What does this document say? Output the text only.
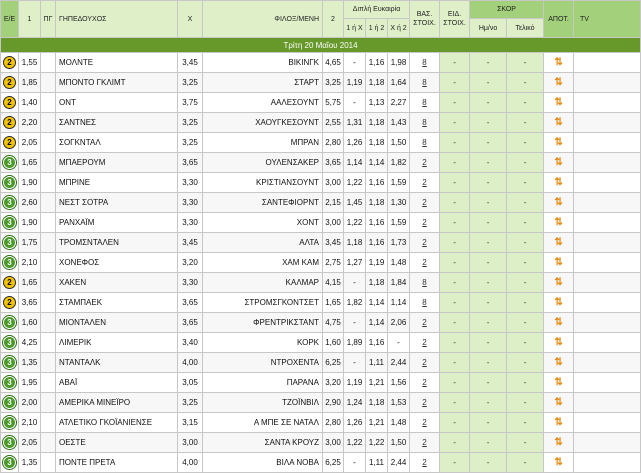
Ε/Ε	1	ΠΓ	ΓΗΠΕΔΟΥΧΟΣ	Χ	ΦΙΛΟΞ/ΜΕΝΗ	2	Διπλή Ευκαιρία			ΒΑΣ. ΣΤΟΙΧ.	ΕΙΔ. ΣΤΟΙΧ.	ΣΚΟΡ		ΑΠΟΤ.	TV
							1 ή Χ	1 ή 2	Χ ή 2			Ημ/νο	Τελικό		
Τρίτη 20 Μαΐου 2014															
2	1,55		ΜΟΛΝΤΕ	3,45	ΒΙΚΙΝΓΚ	4,65	-	1,16	1,98	8	-	-	-	⇅	
2	1,85		ΜΠΟΝΤΟ ΓΚΛΙΜΤ	3,25	ΣΤΑΡΤ	3,25	1,19	1,18	1,64	8	-	-	-	⇅	
2	1,40		ΟΝΤ	3,75	ΑΑΛΕΣΟΥΝΤ	5,75	-	1,13	2,27	8	-	-	-	⇅	
2	2,20		ΣΑΝΤΝΕΣ	3,25	ΧΑΟΥΓΚΕΣΟΥΝΤ	2,55	1,31	1,18	1,43	8	-	-	-	⇅	
2	2,05		ΣΟΓΚΝΤΑΛ	3,25	ΜΠΡΑΝ	2,80	1,26	1,18	1,50	8	-	-	-	⇅	
3	1,65		ΜΠΑΕΡΟΥΜ	3,65	ΟΥΛΕΝΣΑΚΕΡ	3,65	1,14	1,14	1,82	2	-	-	-	⇅	
3	1,90		ΜΠΡΙΝΕ	3,30	ΚΡΙΣΤΙΑΝΣΟΥΝΤ	3,00	1,22	1,16	1,59	2	-	-	-	⇅	
3	2,60		ΝΕΣΤ ΣΟΤΡΑ	3,30	ΣΑΝΤΕΦΙΟΡΝΤ	2,15	1,45	1,18	1,30	2	-	-	-	⇅	
3	1,90		ΡΑΝΧΑΪΜ	3,30	ΧΟΝΤ	3,00	1,22	1,16	1,59	2	-	-	-	⇅	
3	1,75		ΤΡΟΜΣΝΤΑΛΕΝ	3,45	ΑΛΤΑ	3,45	1,18	1,16	1,73	2	-	-	-	⇅	
3	2,10		ΧΟΝΕΦΟΣ	3,20	ΧΑΜ ΚΑΜ	2,75	1,27	1,19	1,48	2	-	-	-	⇅	
2	1,65		ΧΑΚΕΝ	3,30	ΚΑΛΜΑΡ	4,15	-	1,18	1,84	8	-	-	-	⇅	
2	3,65		ΣΤΑΜΠΑΕΚ	3,65	ΣΤΡΟΜΣΓΚΟΝΤΣΕΤ	1,65	1,82	1,14	1,14	8	-	-	-	⇅	
3	1,60		ΜΙΟΝΤΑΛΕΝ	3,65	ΦΡΕΝΤΡΙΚΣΤΑΝΤ	4,75	-	1,14	2,06	2	-	-	-	⇅	
3	4,25		ΛΙΜΕΡΙΚ	3,40	ΚΟΡΚ	1,60	1,89	1,16	-	2	-	-	-	⇅	
3	1,35		ΝΤΑΝΤΑΛΚ	4,00	ΝΤΡΟΧΕΝΤΑ	6,25	-	1,11	2,44	2	-	-	-	⇅	
3	1,95		ΑΒΑΪ	3,05	ΠΑΡΑΝΑ	3,20	1,19	1,21	1,56	2	-	-	-	⇅	
3	2,00		ΑΜΕΡΙΚΑ ΜΙΝΕΪΡΟ	3,25	ΤΖΟΪΝΒΙΛ	2,90	1,24	1,18	1,53	2	-	-	-	⇅	
3	2,10		ΑΤΛΕΤΙΚΟ ΓΚΟΪΑΝΙΕΝΣΕ	3,15	Α ΜΠΕ ΣΕ ΝΑΤΑΛ	2,80	1,26	1,21	1,48	2	-	-	-	⇅	
3	2,05		ΟΕΣΤΕ	3,00	ΣΑΝΤΑ ΚΡΟΥΖ	3,00	1,22	1,22	1,50	2	-	-	-	⇅	
3	1,35		ΠΟΝΤΕ ΠΡΕΤΑ	4,00	ΒΙΛΑ ΝΟΒΑ	6,25	-	1,11	2,44	2	-	-	-	⇅	
